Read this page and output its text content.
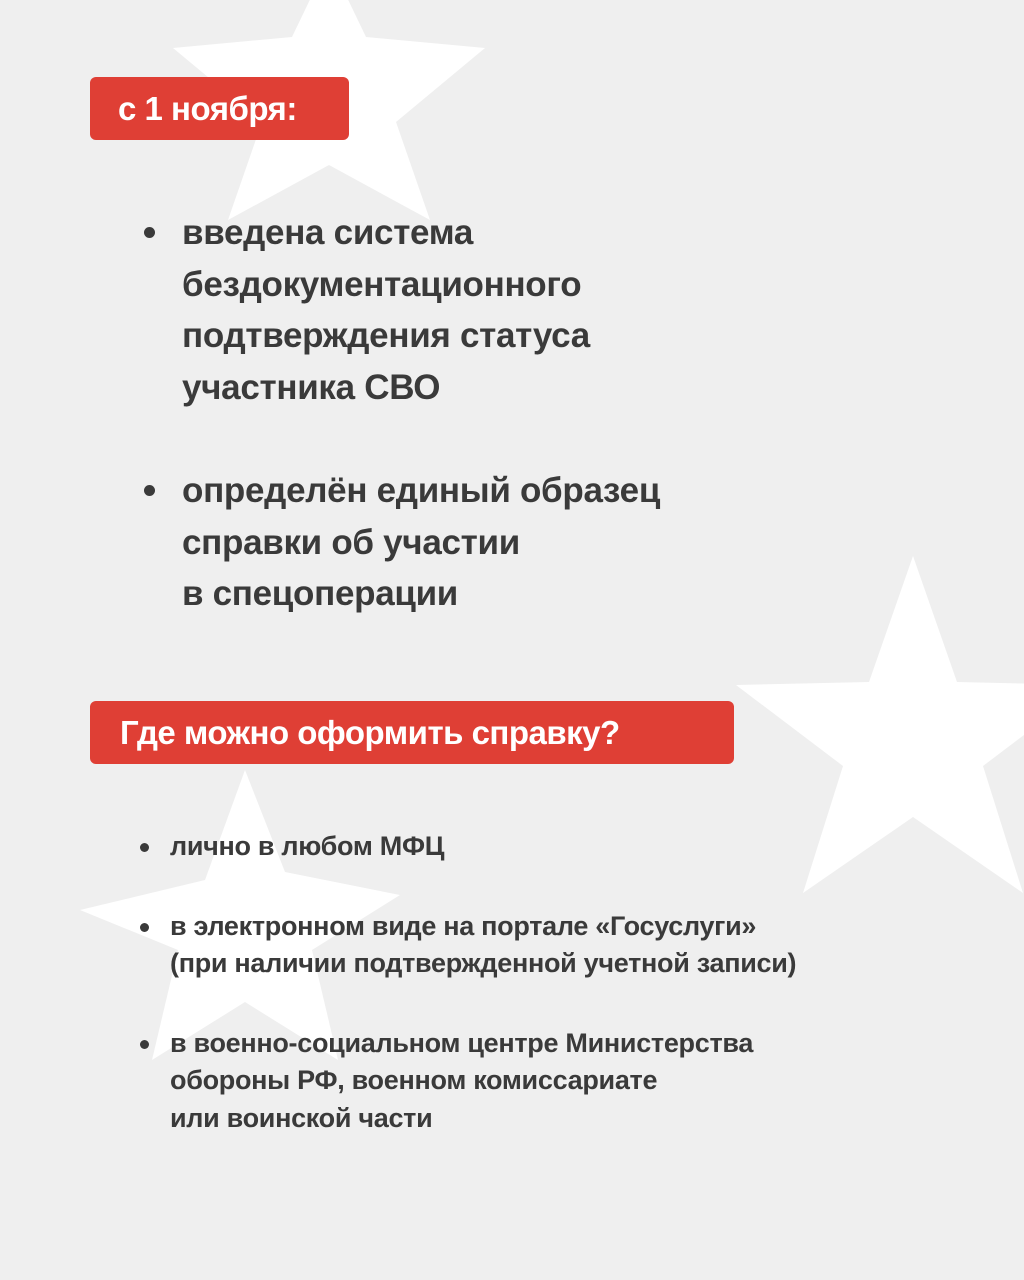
с 1 ноября:
введена система
бездокументационного
подтверждения статуса
участника СВО
определён единый образец
справки об участии
в спецоперации
Где можно оформить справку?
лично в любом МФЦ
в электронном виде на портале «Госуслуги»
(при наличии подтвержденной учетной записи)
в военно-социальном центре Министерства
обороны РФ, военном комиссариате
или воинской части
